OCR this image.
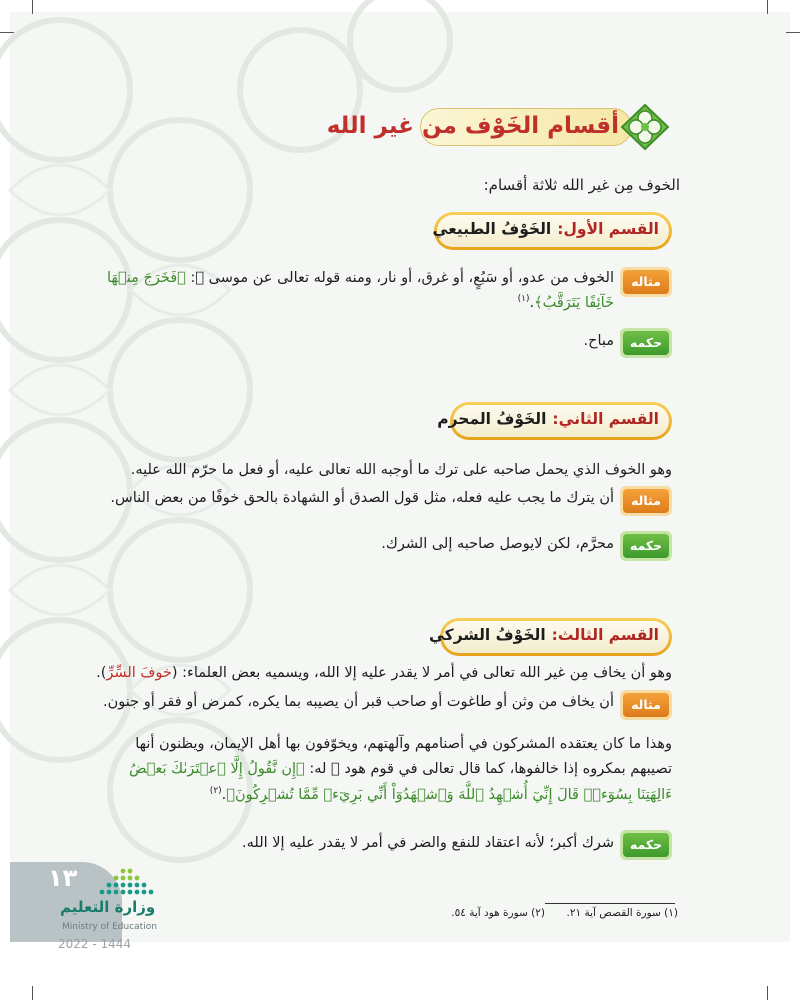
أقسام الخَوْف من غير الله
الخوف مِن غير الله ثلاثة أقسام:
القسم الأول:الخَوْفُ الطبيعي
مثاله
الخوف من عدو، أو سَبُعٍ، أو غرق، أو نار، ومنه قوله تعالى عن موسى ﷺ: ﴿فَخَرَجَ مِنۡهَا
خَآئِفًا يَتَرَقَّبُ﴾.$^{(١)}$
حكمه
مباح.
القسم الثاني:الخَوْفُ المحرم
وهو الخوف الذي يحمل صاحبه على ترك ما أوجبه الله تعالى عليه، أو فعل ما حرّم الله عليه.
مثاله
أن يترك ما يجب عليه فعله، مثل قول الصدق أو الشهادة بالحق خوفًا من بعض الناس.
حكمه
محرَّم، لكن لايوصل صاحبه إلى الشرك.
القسم الثالث:الخَوْفُ الشركي
وهو أن يخاف مِن غير الله تعالى في أمر لا يقدر عليه إلا الله، ويسميه بعض العلماء: (خوفَ السِّرِّ).
مثاله
أن يخاف من وثن أو طاغوت أو صاحب قبر أن يصيبه بما يكره، كمرض أو فقر أو جنون.
وهذا ما كان يعتقده المشركون في أصنامهم وآلهتهم، ويخوّفون بها أهل الإيمان، ويظنون أنها
تصيبهم بمكروه إذا خالفوها، كما قال تعالى في قوم هود ﷺ له: ﴿إِن نَّقُولُ إِلَّا ٱعۡتَرَىٰكَ بَعۡضُ
ءَالِهَتِنَا بِسُوٓءٖۗ قَالَ إِنِّيٓ أُشۡهِدُ ٱللَّهَ وَٱشۡهَدُوٓاْ أَنِّي بَرِيٓءٞ مِّمَّا تُشۡرِكُونَ﴾.$^{(٢)}$
حكمه
شرك أكبر؛ لأنه اعتقاد للنفع والضر في أمر لا يقدر عليه إلا الله.
(١) سورة القصص آية ٢١.
(٢) سورة هود آية ٥٤.
١٣
وزارة التعليم
Ministry of Education
2022 - 1444
